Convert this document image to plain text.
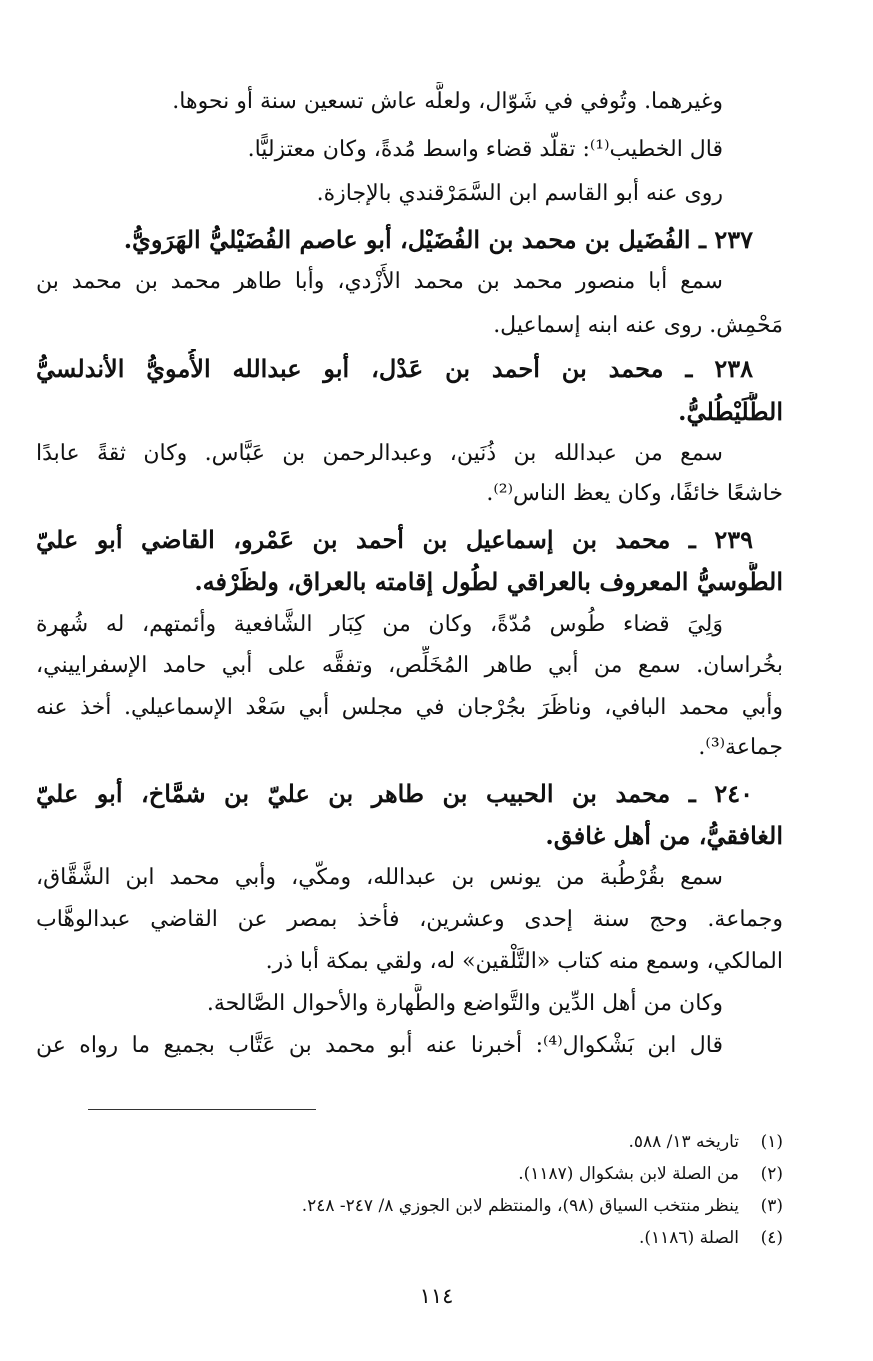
وغيرهما. وتُوفي في شَوّال، ولعلَّه عاش تسعين سنة أو نحوها.
قال الخطيب⁽¹⁾: تقلّد قضاء واسط مُدةً، وكان معتزليًّا.
روى عنه أبو القاسم ابن السَّمَرْقندي بالإجازة.
٢٣٧ ـ الفُضَيل بن محمد بن الفُضَيْل، أبو عاصم الفُضَيْليُّ الهَرَويُّ.
سمع أبا منصور محمد بن محمد الأَزْدي، وأبا طاهر محمد بن محمد بن
مَحْمِش. روى عنه ابنه إسماعيل.
٢٣٨ ـ محمد بن أحمد بن عَدْل، أبو عبدالله الأُمويُّ الأندلسيُّ
الطُّلَيْطُليُّ.
سمع من عبدالله بن ذُنَين، وعبدالرحمن بن عَبَّاس. وكان ثقةً عابدًا
خاشعًا خائفًا، وكان يعظ الناس⁽²⁾.
٢٣٩ ـ محمد بن إسماعيل بن أحمد بن عَمْرو، القاضي أبو عليّ
الطُّوسيُّ المعروف بالعراقي لطُول إقامته بالعراق، ولظَرْفه.
وَلِيَ قضاء طُوس مُدّةً، وكان من كِبَار الشَّافعية وأئمتهم، له شُهرة
بخُراسان. سمع من أبي طاهر المُخَلِّص، وتفقَّه على أبي حامد الإسفراييني،
وأبي محمد البافي، وناظَرَ بجُرْجان في مجلس أبي سَعْد الإسماعيلي. أخذ عنه
جماعة⁽³⁾.
٢٤٠ ـ محمد بن الحبيب بن طاهر بن عليّ بن شمَّاخ، أبو عليّ
الغافقيُّ، من أهل غافق.
سمع بقُرْطُبة من يونس بن عبدالله، ومكّي، وأبي محمد ابن الشَّقَّاق،
وجماعة. وحج سنة إحدى وعشرين، فأخذ بمصر عن القاضي عبدالوهَّاب
المالكي، وسمع منه كتاب «التَّلْقين» له، ولقي بمكة أبا ذر.
وكان من أهل الدِّين والتَّواضع والطَّهارة والأحوال الصَّالحة.
قال ابن بَشْكوال⁽⁴⁾: أخبرنا عنه أبو محمد بن عَتَّاب بجميع ما رواه عن
(١)تاريخه ١٣/ ٥٨٨.
(٢)من الصلة لابن بشكوال (١١٨٧).
(٣)ينظر منتخب السياق (٩٨)، والمنتظم لابن الجوزي ٨/ ٢٤٧- ٢٤٨.
(٤)الصلة (١١٨٦).
١١٤
